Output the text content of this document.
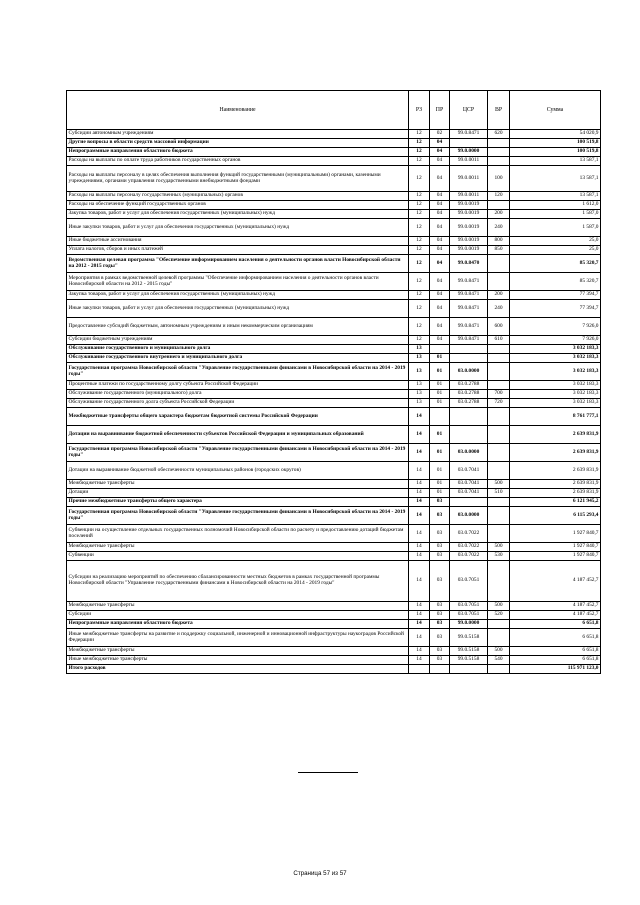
Наименование	РЗ	ПР	ЦСР	ВР	Сумма
Субсидии автономным учреждениям	12	02	99.0.8471	620	54 020,9
Другие вопросы в области средств массовой информации	12	04			100 519,8
Непрограммные направления областного бюджета	12	04	99.0.0000		100 519,8
Расходы на выплаты по оплате труда работников государственных органов	12	04	99.0.0011		13 587,1
Расходы на выплаты персоналу в целях обеспечения выполнения функций государственными (муниципальными) органами, казенными учреждениями, органами управления государственными внебюджетными фондами	12	04	99.0.0011	100	13 587,1
Расходы на выплаты персоналу государственных (муниципальных) органов	12	04	99.0.0011	120	13 587,1
Расходы на обеспечение функций государственных органов	12	04	99.0.0019		1 612,0
Закупка товаров, работ и услуг для обеспечения государственных (муниципальных) нужд	12	04	99.0.0019	200	1 587,0
Иные закупки товаров, работ и услуг для обеспечения государственных (муниципальных) нужд	12	04	99.0.0019	240	1 587,0
Иные бюджетные ассигнования	12	04	99.0.0019	800	25,0
Уплата налогов, сборов и иных платежей	12	04	99.0.0019	850	25,0
Ведомственная целевая программа "Обеспечение информированием населения о деятельности органов власти Новосибирской области на 2012 - 2015 годы"	12	04	99.0.8470		85 320,7
Мероприятия в рамках ведомственной целевой программы "Обеспечение информированием населения о деятельности органов власти Новосибирской области на 2012 - 2015 годы"	12	04	99.0.8471		85 320,7
Закупка товаров, работ и услуг для обеспечения государственных (муниципальных) нужд	12	04	99.0.8471	200	77 394,7
Иные закупки товаров, работ и услуг для обеспечения государственных (муниципальных) нужд	12	04	99.0.8471	240	77 394,7
Предоставление субсидий бюджетным, автономным учреждениям и иным некоммерческим организациям	12	04	99.0.8471	600	7 926,0
Субсидии бюджетным учреждениям	12	04	99.0.8471	610	7 926,0
Обслуживание государственного и муниципального долга	13				3 032 183,3
Обслуживание государственного внутреннего и муниципального долга	13	01			3 032 183,3
Государственная программа Новосибирской области "Управление государственными финансами в Новосибирской области на 2014 - 2019 годы"	13	01	03.0.0000		3 032 183,3
Процентные платежи по государственному долгу субъекта Российской Федерации	13	01	03.0.2788		3 032 183,3
Обслуживание государственного (муниципального) долга	13	01	03.0.2788	700	3 032 183,3
Обслуживание государственного долга субъекта Российской Федерации	13	01	03.0.2788	720	3 032 183,3
Межбюджетные трансферты общего характера бюджетам бюджетной системы Российской Федерации	14				8 761 777,1
Дотации на выравнивание бюджетной обеспеченности субъектов Российской Федерации и муниципальных образований	14	01			2 639 831,9
Государственная программа Новосибирской области "Управление государственными финансами в Новосибирской области на 2014 - 2019 годы"	14	01	03.0.0000		2 639 831,9
Дотации на выравнивание бюджетной обеспеченности муниципальных районов (городских округов)	14	01	03.0.7041		2 639 831,9
Межбюджетные трансферты	14	01	03.0.7041	500	2 639 831,9
Дотации	14	01	03.0.7041	510	2 639 831,9
Прочие межбюджетные трансферты общего характера	14	03			6 121 945,2
Государственная программа Новосибирской области "Управление государственными финансами в Новосибирской области на 2014 - 2019 годы"	14	03	03.0.0000		6 115 293,4
Субвенции на осуществление отдельных государственных полномочий Новосибирской области по расчету и предоставлению дотаций бюджетам поселений	14	03	03.0.7022		1 927 840,7
Межбюджетные трансферты	14	03	03.0.7022	500	1 927 840,7
Субвенции	14	03	03.0.7022	530	1 927 840,7
Субсидии на реализацию мероприятий по обеспечению сбалансированности местных бюджетов в рамках государственной программы Новосибирской области "Управление государственными финансами в Новосибирской области на 2014 - 2019 годы"	14	03	03.0.7051		4 187 452,7
Межбюджетные трансферты	14	03	03.0.7051	500	4 187 452,7
Субсидии	14	03	03.0.7051	520	4 187 452,7
Непрограммные направления областного бюджета	14	03	99.0.0000		6 651,8
Иные межбюджетные трансферты на развитие и поддержку социальной, инженерной и инновационной инфраструктуры наукоградов Российской Федерации	14	03	99.0.5158		6 651,8
Межбюджетные трансферты	14	03	99.0.5158	500	6 651,8
Иные межбюджетные трансферты	14	03	99.0.5158	540	6 651,8
Итого расходов					115 971 123,0
Страница 57 из 57
